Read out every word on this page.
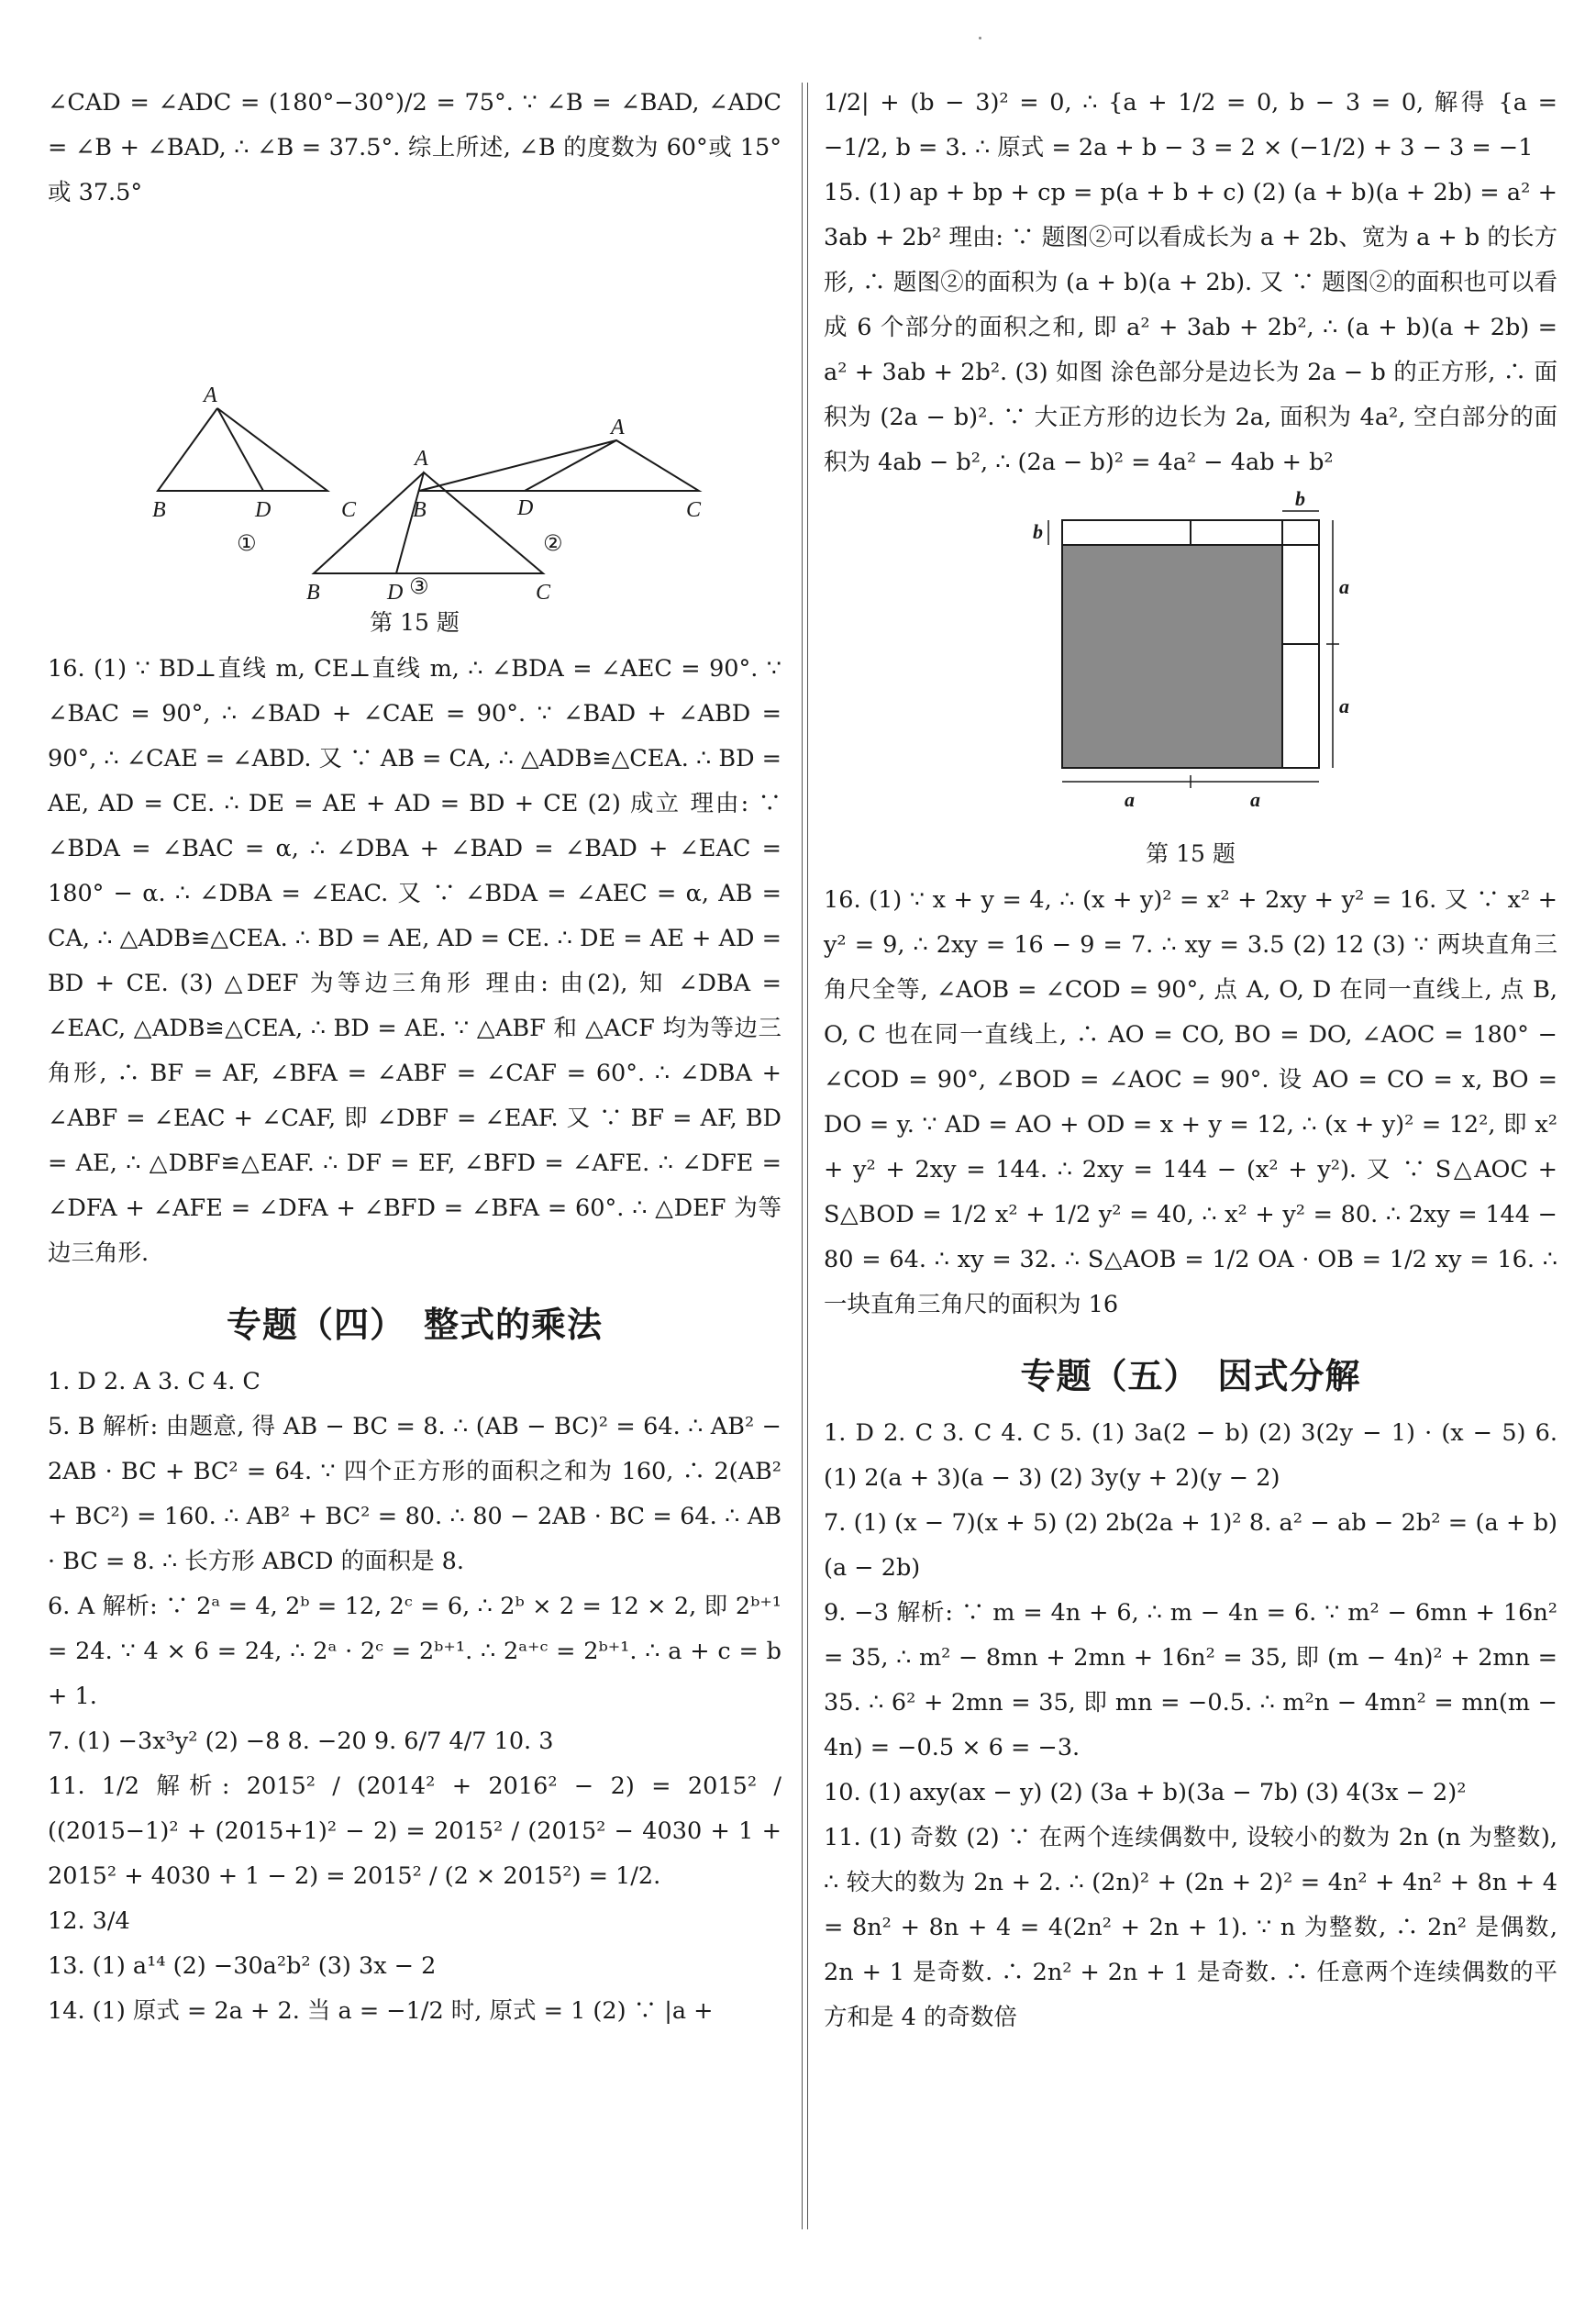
∠CAD = ∠ADC = (180°−30°)/2 = 75°. ∵ ∠B = ∠BAD, ∠ADC = ∠B + ∠BAD, ∴ ∠B = 37.5°. 综上所述, ∠B 的度数为 60°或 15°或 37.5°

A
B	D	C
A
B	D	C
A
B	D	C
①	②
③
第 15 题

16. (1) ∵ BD⊥直线 m, CE⊥直线 m, ∴ ∠BDA = ∠AEC = 90°. ∵ ∠BAC = 90°, ∴ ∠BAD + ∠CAE = 90°. ∵ ∠BAD + ∠ABD = 90°, ∴ ∠CAE = ∠ABD. 又 ∵ AB = CA, ∴ △ADB≌△CEA. ∴ BD = AE, AD = CE. ∴ DE = AE + AD = BD + CE (2) 成立 理由: ∵ ∠BDA = ∠BAC = α, ∴ ∠DBA + ∠BAD = ∠BAD + ∠EAC = 180° − α. ∴ ∠DBA = ∠EAC. 又 ∵ ∠BDA = ∠AEC = α, AB = CA, ∴ △ADB≌△CEA. ∴ BD = AE, AD = CE. ∴ DE = AE + AD = BD + CE. (3) △DEF 为等边三角形 理由: 由(2), 知 ∠DBA = ∠EAC, △ADB≌△CEA, ∴ BD = AE. ∵ △ABF 和 △ACF 均为等边三角形, ∴ BF = AF, ∠BFA = ∠ABF = ∠CAF = 60°. ∴ ∠DBA + ∠ABF = ∠EAC + ∠CAF, 即 ∠DBF = ∠EAF. 又 ∵ BF = AF, BD = AE, ∴ △DBF≌△EAF. ∴ DF = EF, ∠BFD = ∠AFE. ∴ ∠DFE = ∠DFA + ∠AFE = ∠DFA + ∠BFD = ∠BFA = 60°. ∴ △DEF 为等边三角形.

专题（四）　整式的乘法

1. D 2. A 3. C 4. C

5. B 解析: 由题意, 得 AB − BC = 8. ∴ (AB − BC)² = 64. ∴ AB² − 2AB · BC + BC² = 64. ∵ 四个正方形的面积之和为 160, ∴ 2(AB² + BC²) = 160. ∴ AB² + BC² = 80. ∴ 80 − 2AB · BC = 64. ∴ AB · BC = 8. ∴ 长方形 ABCD 的面积是 8.

6. A 解析: ∵ 2ᵃ = 4, 2ᵇ = 12, 2ᶜ = 6, ∴ 2ᵇ × 2 = 12 × 2, 即 2ᵇ⁺¹ = 24. ∵ 4 × 6 = 24, ∴ 2ᵃ · 2ᶜ = 2ᵇ⁺¹. ∴ 2ᵃ⁺ᶜ = 2ᵇ⁺¹. ∴ a + c = b + 1.

7. (1) −3x³y² (2) −8 8. −20 9. 6/7 4/7 10. 3

11. 1/2 解析: 2015² / (2014² + 2016² − 2) = 2015² / ((2015−1)² + (2015+1)² − 2) = 2015² / (2015² − 4030 + 1 + 2015² + 4030 + 1 − 2) = 2015² / (2 × 2015²) = 1/2.

12. 3/4

13. (1) a¹⁴ (2) −30a²b² (3) 3x − 2

14. (1) 原式 = 2a + 2. 当 a = −1/2 时, 原式 = 1 (2) ∵ |a +

1/2| + (b − 3)² = 0, ∴ {a + 1/2 = 0, b − 3 = 0, 解得 {a = −1/2, b = 3. ∴ 原式 = 2a + b − 3 = 2 × (−1/2) + 3 − 3 = −1

15. (1) ap + bp + cp = p(a + b + c) (2) (a + b)(a + 2b) = a² + 3ab + 2b² 理由: ∵ 题图②可以看成长为 a + 2b、宽为 a + b 的长方形, ∴ 题图②的面积为 (a + b)(a + 2b). 又 ∵ 题图②的面积也可以看成 6 个部分的面积之和, 即 a² + 3ab + 2b², ∴ (a + b)(a + 2b) = a² + 3ab + 2b². (3) 如图 涂色部分是边长为 2a − b 的正方形, ∴ 面积为 (2a − b)². ∵ 大正方形的边长为 2a, 面积为 4a², 空白部分的面积为 4ab − b², ∴ (2a − b)² = 4a² − 4ab + b²

b
b
a
a
a	a
第 15 题

16. (1) ∵ x + y = 4, ∴ (x + y)² = x² + 2xy + y² = 16. 又 ∵ x² + y² = 9, ∴ 2xy = 16 − 9 = 7. ∴ xy = 3.5 (2) 12 (3) ∵ 两块直角三角尺全等, ∠AOB = ∠COD = 90°, 点 A, O, D 在同一直线上, 点 B, O, C 也在同一直线上, ∴ AO = CO, BO = DO, ∠AOC = 180° − ∠COD = 90°, ∠BOD = ∠AOC = 90°. 设 AO = CO = x, BO = DO = y. ∵ AD = AO + OD = x + y = 12, ∴ (x + y)² = 12², 即 x² + y² + 2xy = 144. ∴ 2xy = 144 − (x² + y²). 又 ∵ S△AOC + S△BOD = 1/2 x² + 1/2 y² = 40, ∴ x² + y² = 80. ∴ 2xy = 144 − 80 = 64. ∴ xy = 32. ∴ S△AOB = 1/2 OA · OB = 1/2 xy = 16. ∴ 一块直角三角尺的面积为 16

专题（五）　因式分解

1. D 2. C 3. C 4. C 5. (1) 3a(2 − b) (2) 3(2y − 1) · (x − 5) 6. (1) 2(a + 3)(a − 3) (2) 3y(y + 2)(y − 2)

7. (1) (x − 7)(x + 5) (2) 2b(2a + 1)² 8. a² − ab − 2b² = (a + b)(a − 2b)

9. −3 解析: ∵ m = 4n + 6, ∴ m − 4n = 6. ∵ m² − 6mn + 16n² = 35, ∴ m² − 8mn + 2mn + 16n² = 35, 即 (m − 4n)² + 2mn = 35. ∴ 6² + 2mn = 35, 即 mn = −0.5. ∴ m²n − 4mn² = mn(m − 4n) = −0.5 × 6 = −3.

10. (1) axy(ax − y) (2) (3a + b)(3a − 7b) (3) 4(3x − 2)²

11. (1) 奇数 (2) ∵ 在两个连续偶数中, 设较小的数为 2n (n 为整数), ∴ 较大的数为 2n + 2. ∴ (2n)² + (2n + 2)² = 4n² + 4n² + 8n + 4 = 8n² + 8n + 4 = 4(2n² + 2n + 1). ∵ n 为整数, ∴ 2n² 是偶数, 2n + 1 是奇数. ∴ 2n² + 2n + 1 是奇数. ∴ 任意两个连续偶数的平方和是 4 的奇数倍
